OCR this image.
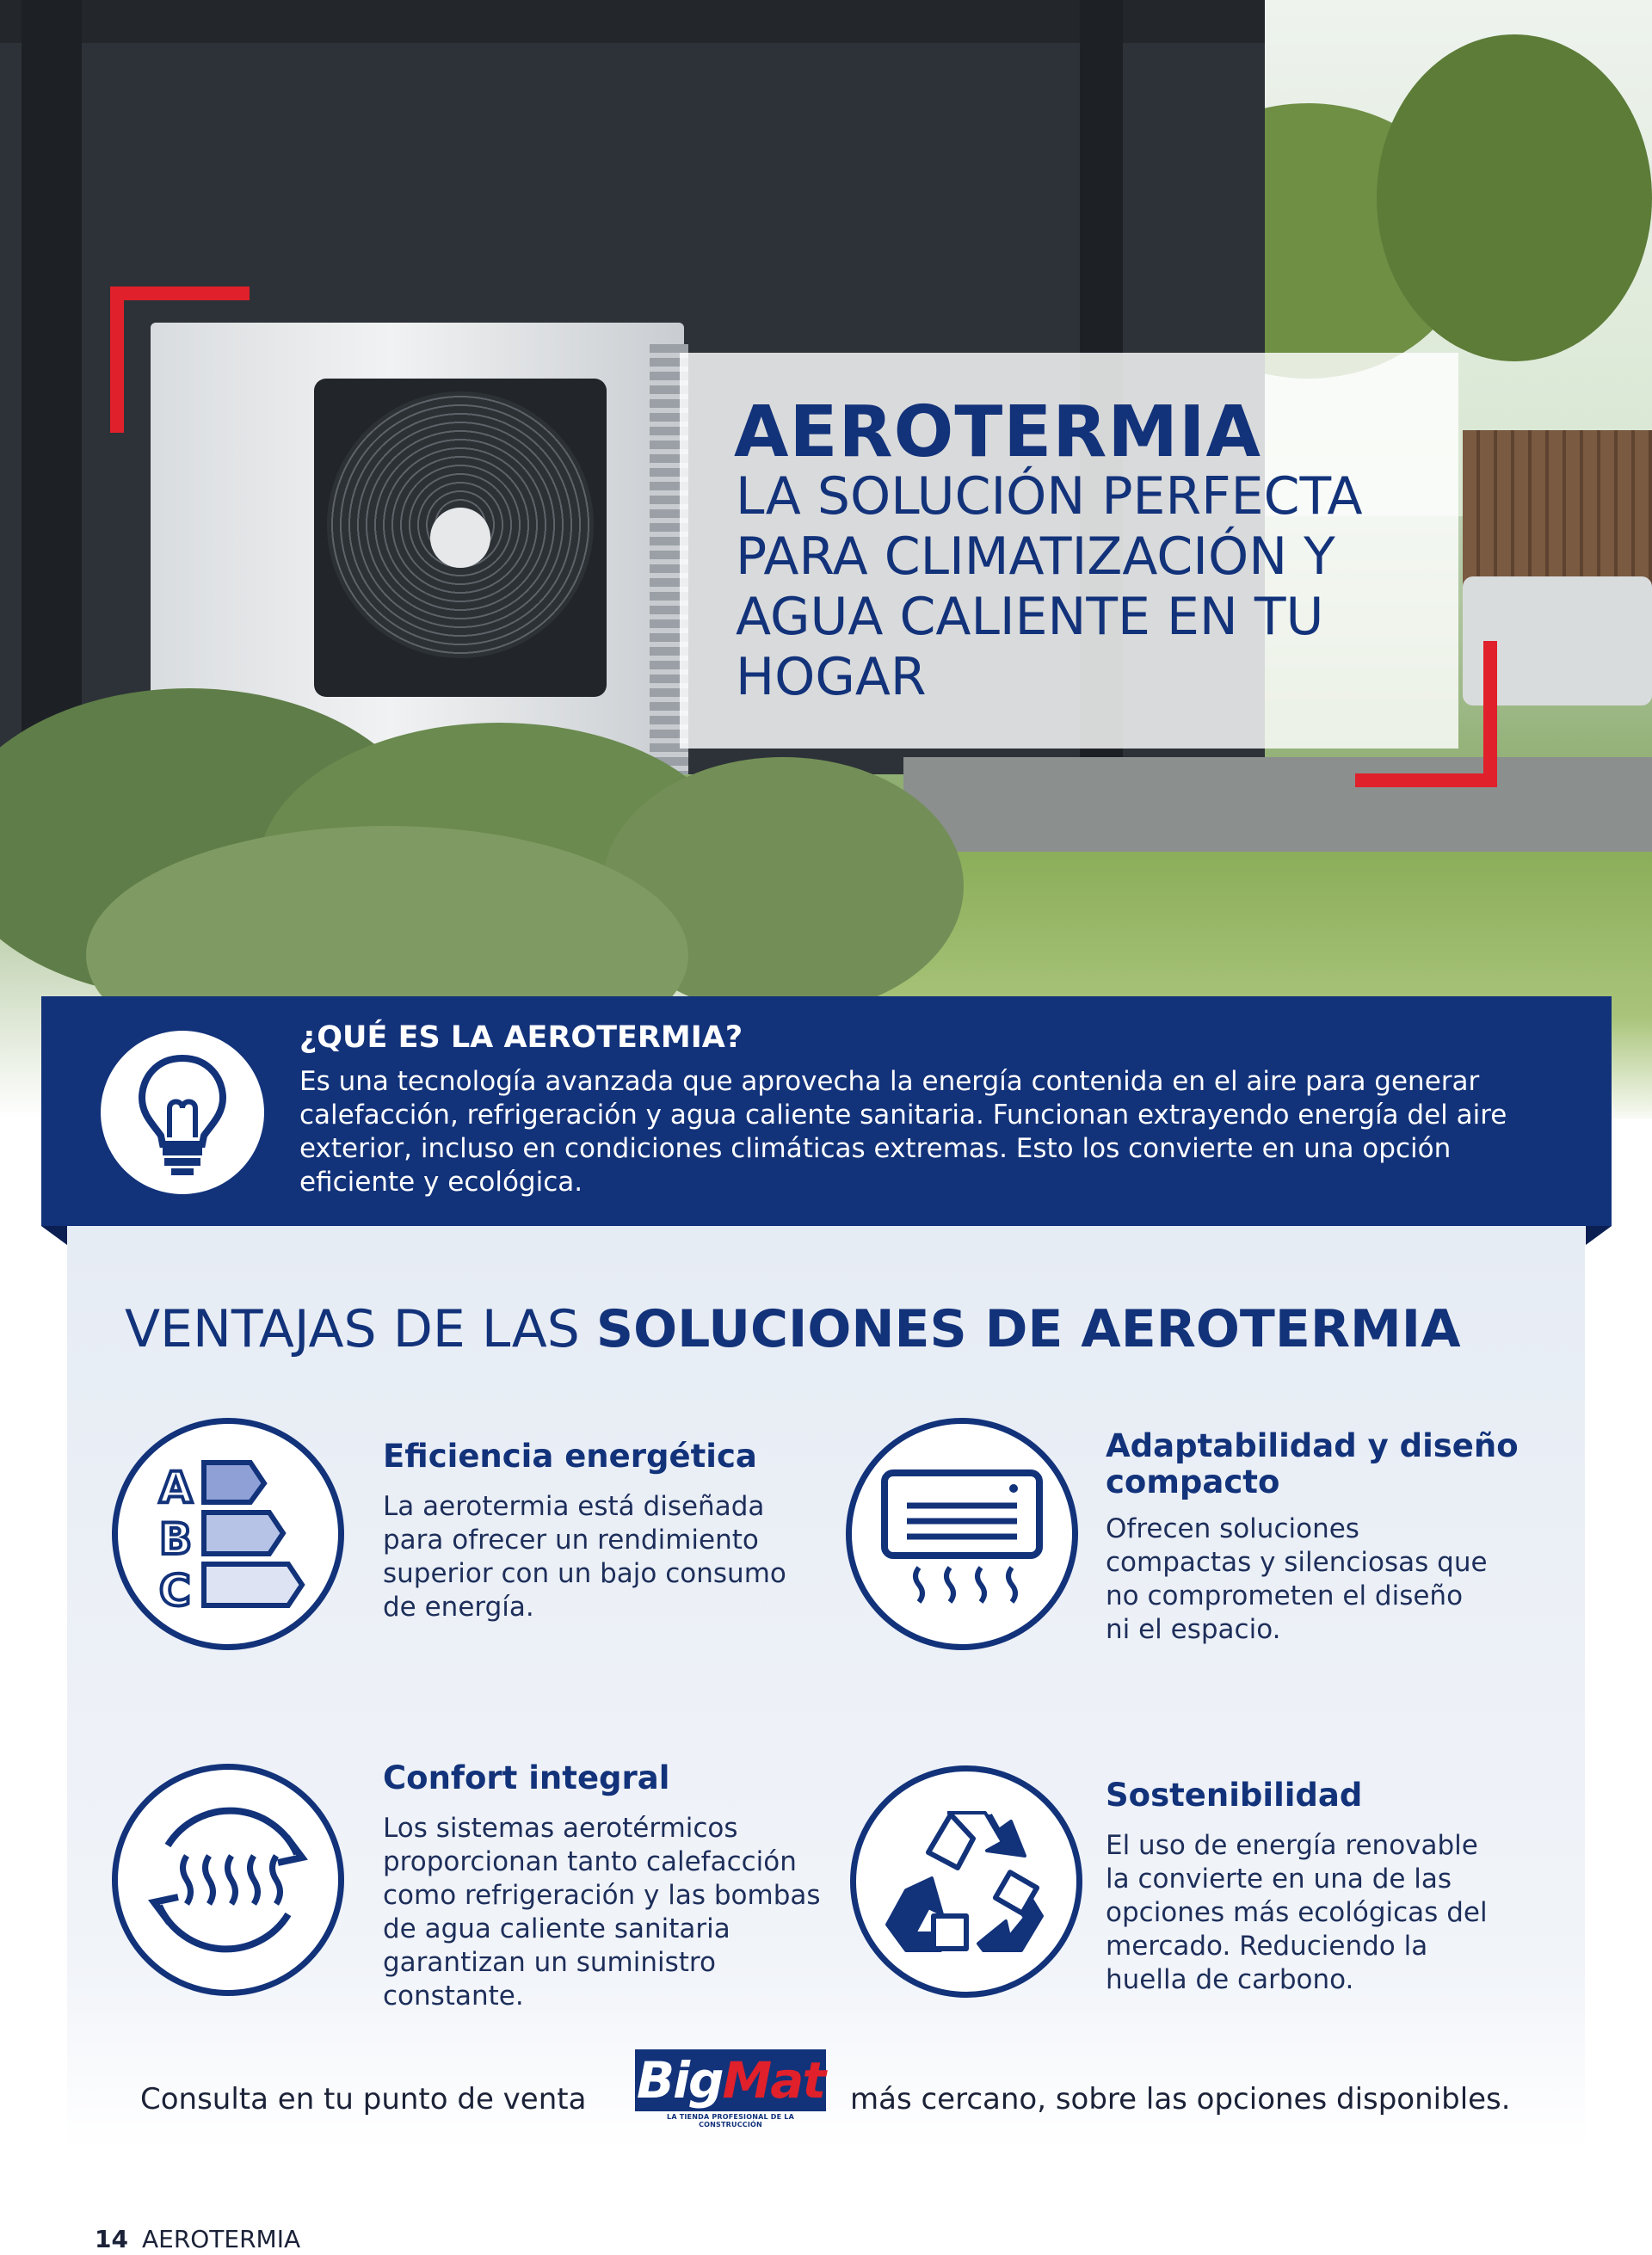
AEROTERMIA
LA SOLUCIÓN PERFECTA PARA CLIMATIZACIÓN Y AGUA CALIENTE EN TU HOGAR
¿QUÉ ES LA AEROTERMIA?
Es una tecnología avanzada que aprovecha la energía contenida en el aire para generar calefacción, refrigeración y agua caliente sanitaria. Funcionan extrayendo energía del aire exterior, incluso en condiciones climáticas extremas. Esto los convierte en una opción eficiente y ecológica.
VENTAJAS DE LAS SOLUCIONES DE AEROTERMIA
A
B
C
Eficiencia energética
La aerotermia está diseñada para ofrecer un rendimiento superior con un bajo consumo de energía.
Adaptabilidad y diseño compacto
Ofrecen soluciones compactas y silenciosas que no comprometen el diseño ni el espacio.
Confort integral
Los sistemas aerotérmicos proporcionan tanto calefacción como refrigeración y las bombas de agua caliente sanitaria garantizan un suministro constante.
Sostenibilidad
El uso de energía renovable la convierte en una de las opciones más ecológicas del mercado. Reduciendo la huella de carbono.
Consulta en tu punto de venta BigMat
LA TIENDA PROFESIONAL DE LA CONSTRUCCIÓN
más cercano, sobre las opciones disponibles.
14 AEROTERMIA
